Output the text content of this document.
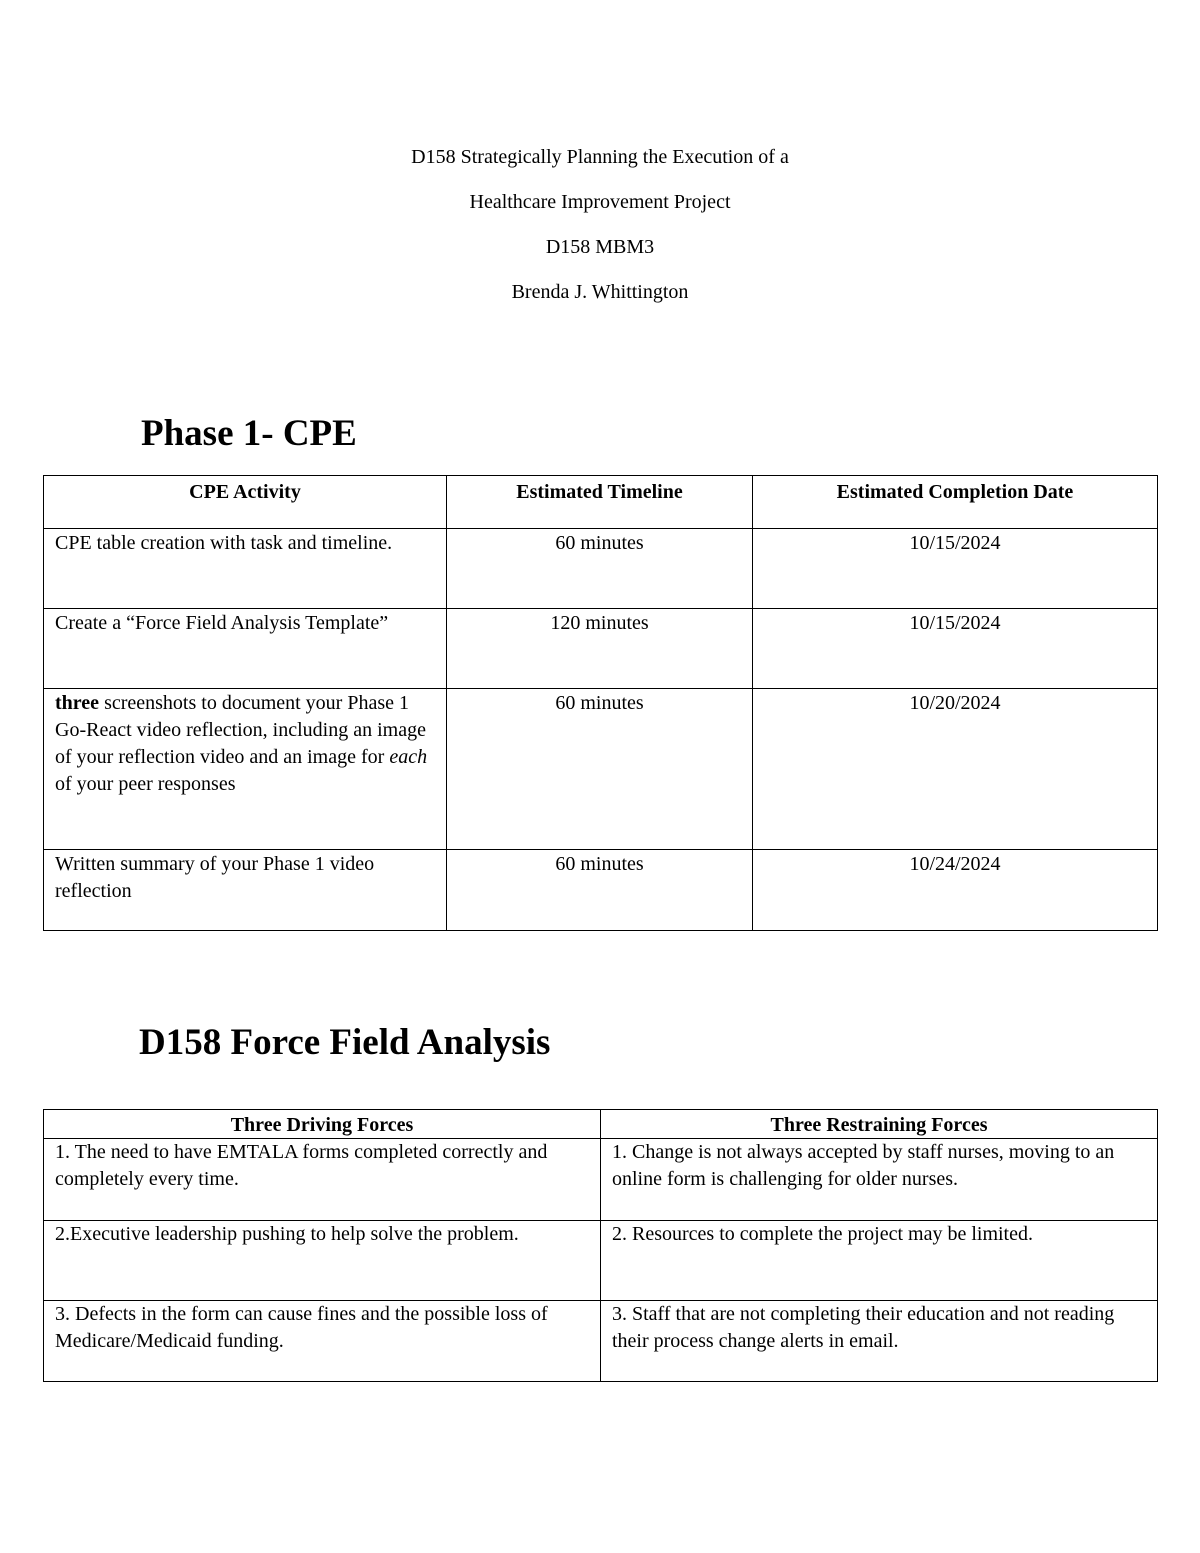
D158 Strategically Planning the Execution of a
Healthcare Improvement Project
D158 MBM3
Brenda J. Whittington
Phase 1- CPE
CPE Activity	Estimated Timeline	Estimated Completion Date
CPE table creation with task and timeline.	60 minutes	10/15/2024
Create a “Force Field Analysis Template”	120 minutes	10/15/2024
three screenshots to document your Phase 1 Go-React video reflection, including an image of your reflection video and an image for each of your peer responses	60 minutes	10/20/2024
Written summary of your Phase 1 video reflection	60 minutes	10/24/2024
D158 Force Field Analysis
Three Driving Forces	Three Restraining Forces
1. The need to have EMTALA forms completed correctly and completely every time.	1. Change is not always accepted by staff nurses, moving to an online form is challenging for older nurses.
2.Executive leadership pushing to help solve the problem.	2. Resources to complete the project may be limited.
3. Defects in the form can cause fines and the possible loss of Medicare/Medicaid funding.	3. Staff that are not completing their education and not reading their process change alerts in email.
